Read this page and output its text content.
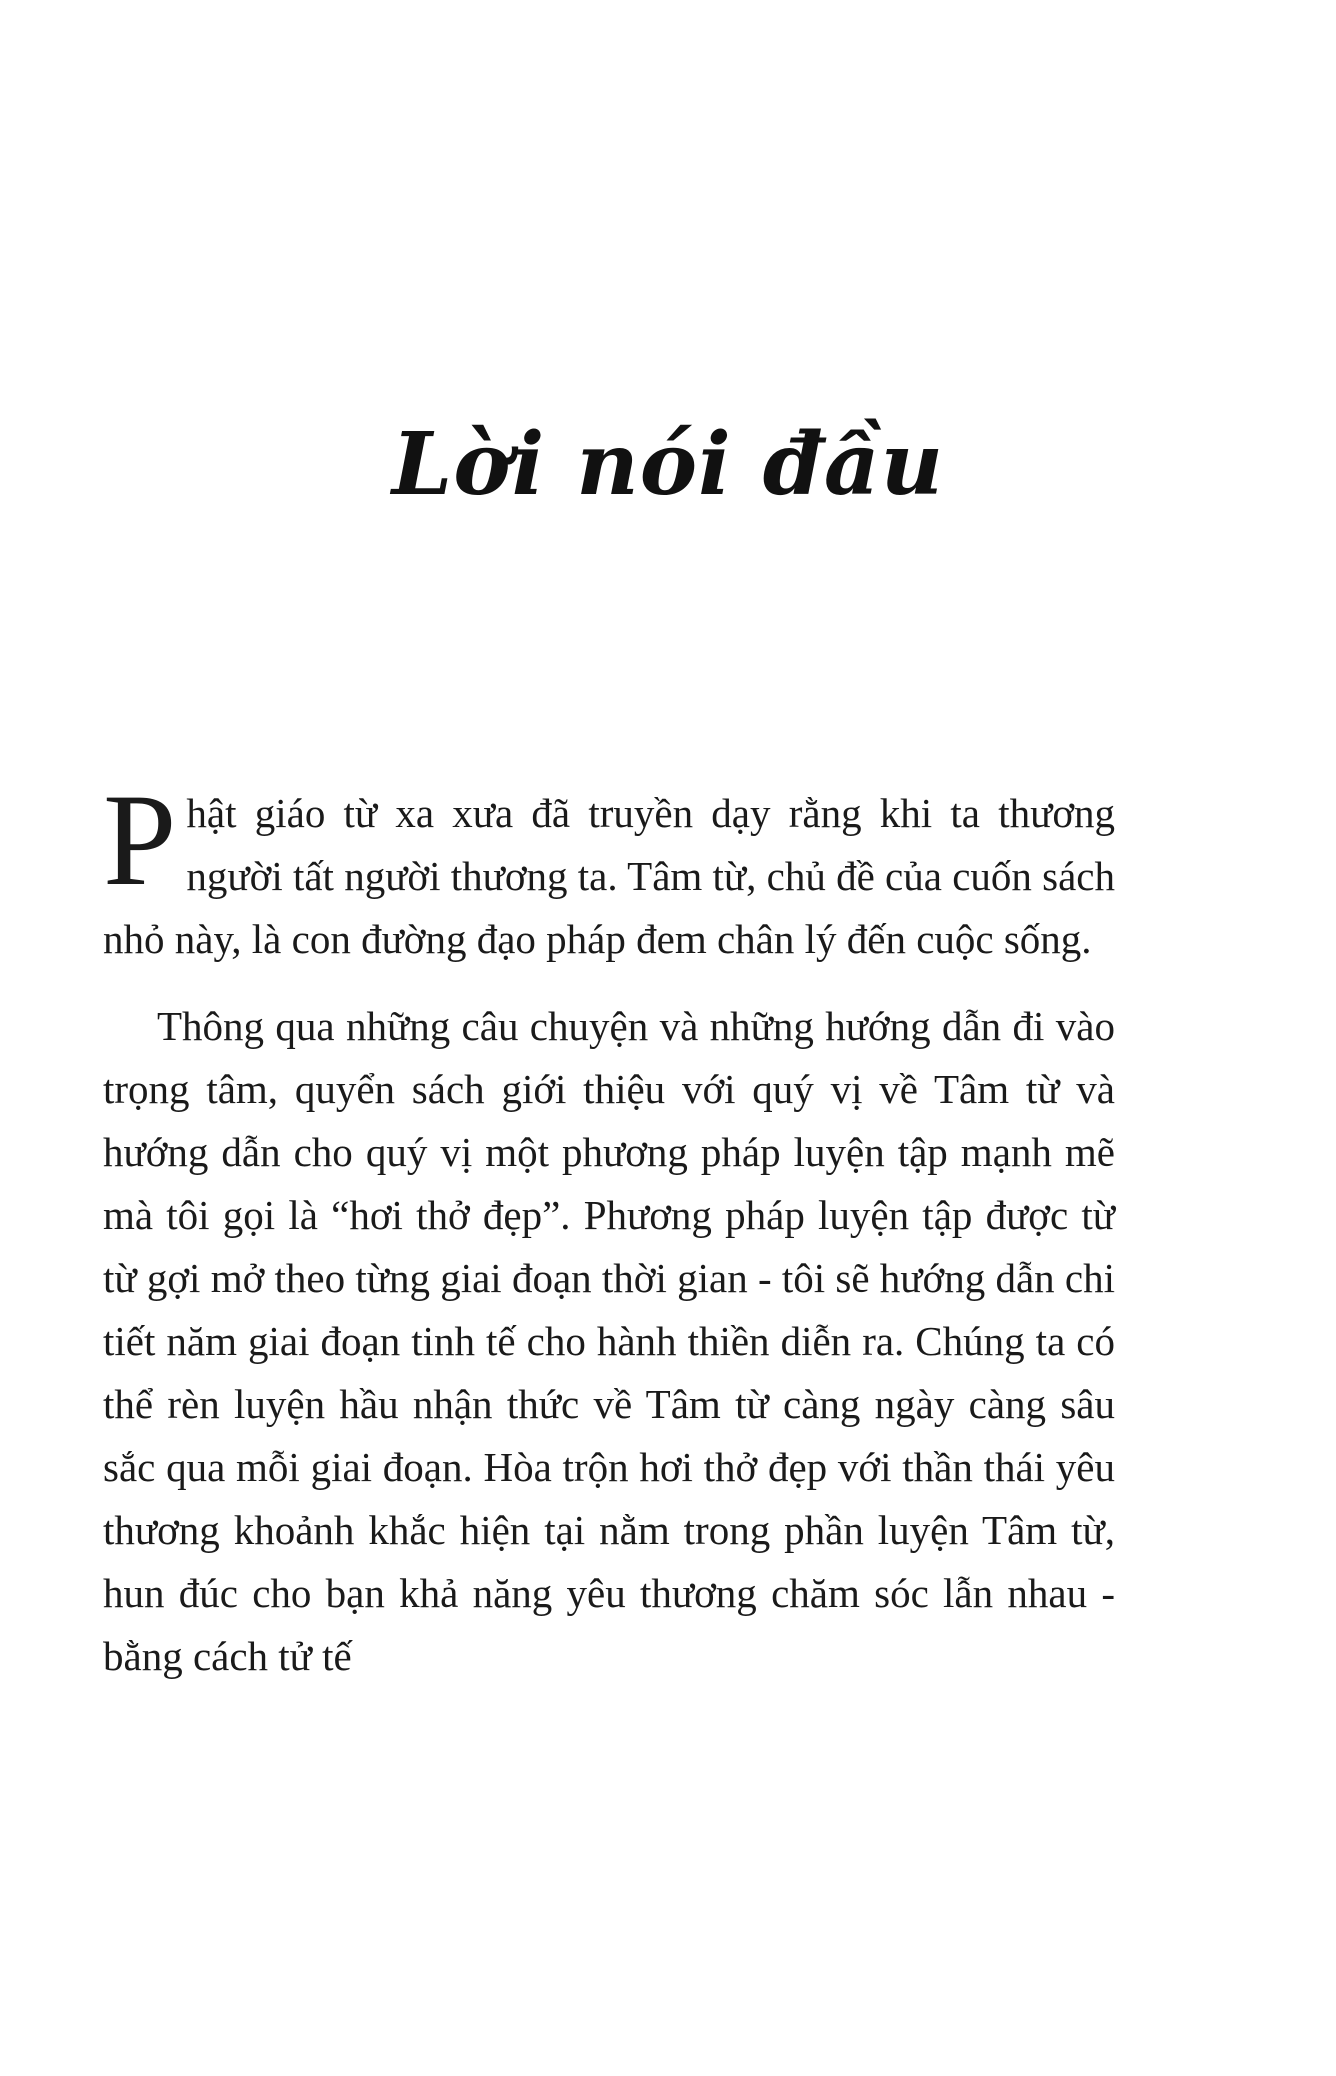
Lời nói đầu

Phật giáo từ xa xưa đã truyền dạy rằng khi ta thương người tất người thương ta. Tâm từ, chủ đề của cuốn sách nhỏ này, là con đường đạo pháp đem chân lý đến cuộc sống.

Thông qua những câu chuyện và những hướng dẫn đi vào trọng tâm, quyển sách giới thiệu với quý vị về Tâm từ và hướng dẫn cho quý vị một phương pháp luyện tập mạnh mẽ mà tôi gọi là “hơi thở đẹp”. Phương pháp luyện tập được từ từ gợi mở theo từng giai đoạn thời gian - tôi sẽ hướng dẫn chi tiết năm giai đoạn tinh tế cho hành thiền diễn ra. Chúng ta có thể rèn luyện hầu nhận thức về Tâm từ càng ngày càng sâu sắc qua mỗi giai đoạn. Hòa trộn hơi thở đẹp với thần thái yêu thương khoảnh khắc hiện tại nằm trong phần luyện Tâm từ, hun đúc cho bạn khả năng yêu thương chăm sóc lẫn nhau - bằng cách tử tế
